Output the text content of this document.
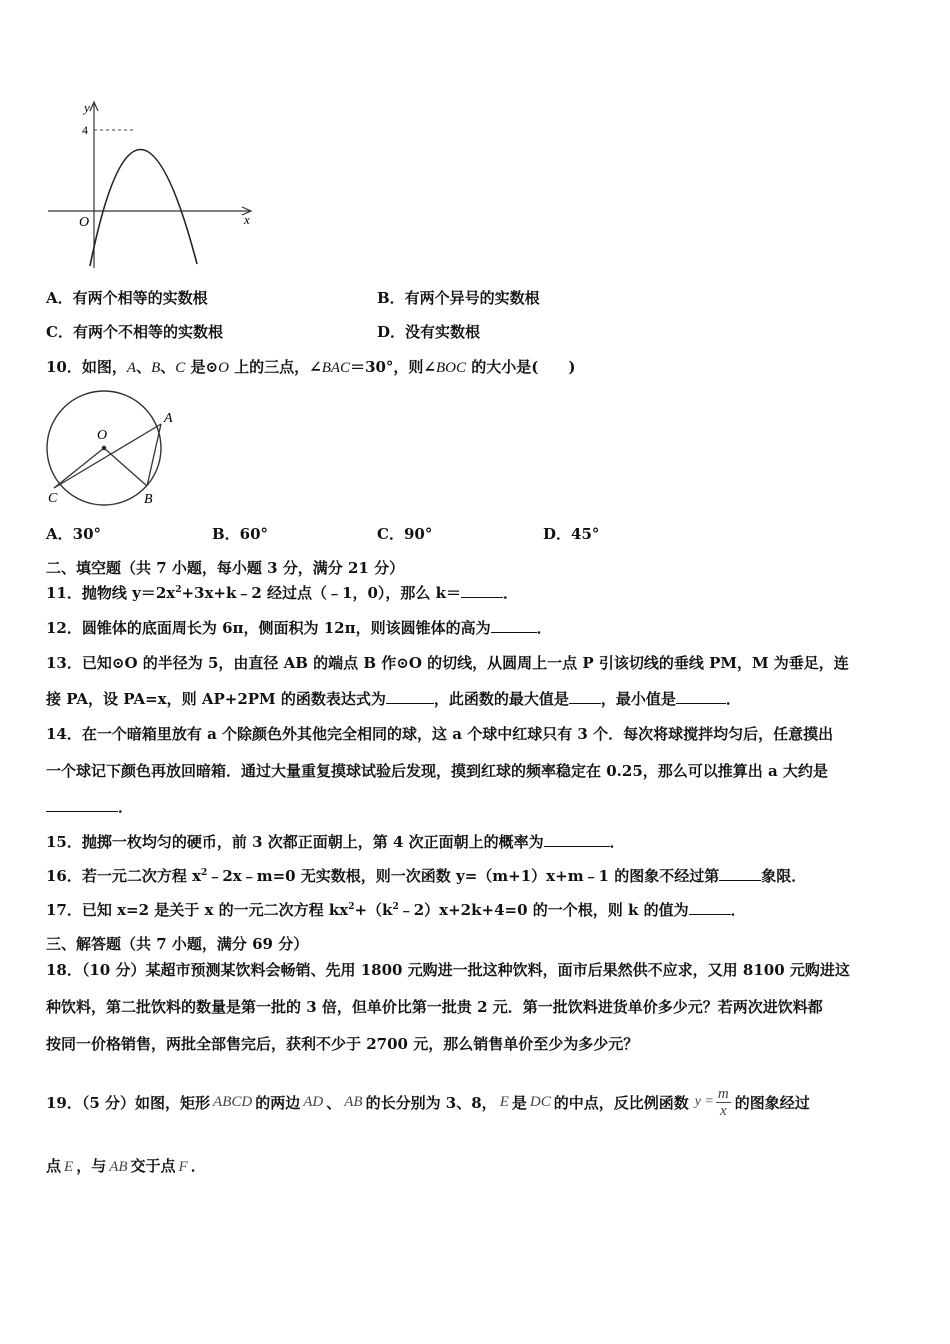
y
x
O
4
A．有两个相等的实数根	B．有两个异号的实数根
C．有两个不相等的实数根	D．没有实数根
10．如图，A、B、C 是⊙O 上的三点，∠BAC＝30°，则∠BOC 的大小是(　　)
O
A
B
C
A．30°	B．60°	C．90°	D．45°
二、填空题（共 7 小题，每小题 3 分，满分 21 分）
11．抛物线 $y=2x^2+3x+k﹣2$ 经过点（﹣1，0），那么 k＝	．
12．圆锥体的底面周长为 6π，侧面积为 12π，则该圆锥体的高为	．
13．已知⊙O 的半径为 5，由直径 AB 的端点 B 作⊙O 的切线，从圆周上一点 P 引该切线的垂线 PM，M 为垂足，连
接 PA，设 PA=x，则 AP+2PM 的函数表达式为	，此函数的最大值是 ，最小值是	．
14．在一个暗箱里放有 a 个除颜色外其他完全相同的球，这 a 个球中红球只有 3 个．每次将球搅拌均匀后，任意摸出
一个球记下颜色再放回暗箱．通过大量重复摸球试验后发现，摸到红球的频率稳定在 0.25，那么可以推算出 a 大约是
．
15．抛掷一枚均匀的硬币，前 3 次都正面朝上，第 4 次正面朝上的概率为	．
16．若一元二次方程 $x^2﹣2x﹣m=0$ 无实数根，则一次函数 y=（m+1）x+m﹣1 的图象不经过第	象限．
17．已知 x=2 是关于 x 的一元二次方程 $kx^2+(k^2﹣2)x+2k+4=0$ 的一个根，则 k 的值为	．
三、解答题（共 7 小题，满分 69 分）
18．（10 分）某超市预测某饮料会畅销、先用 1800 元购进一批这种饮料，面市后果然供不应求，又用 8100 元购进这
种饮料，第二批饮料的数量是第一批的 3 倍，但单价比第一批贵 2 元．第一批饮料进货单价多少元？若两次进饮料都
按同一价格销售，两批全部售完后，获利不少于 2700 元，那么销售单价至少为多少元？
19．（5 分）如图，矩形 ABCD 的两边 AD 、 AB 的长分别为 3、8， E 是 DC 的中点，反比例函数 $y = \frac{m}{x}$ 的图象经过
点 E ，与 AB 交于点 F ．
